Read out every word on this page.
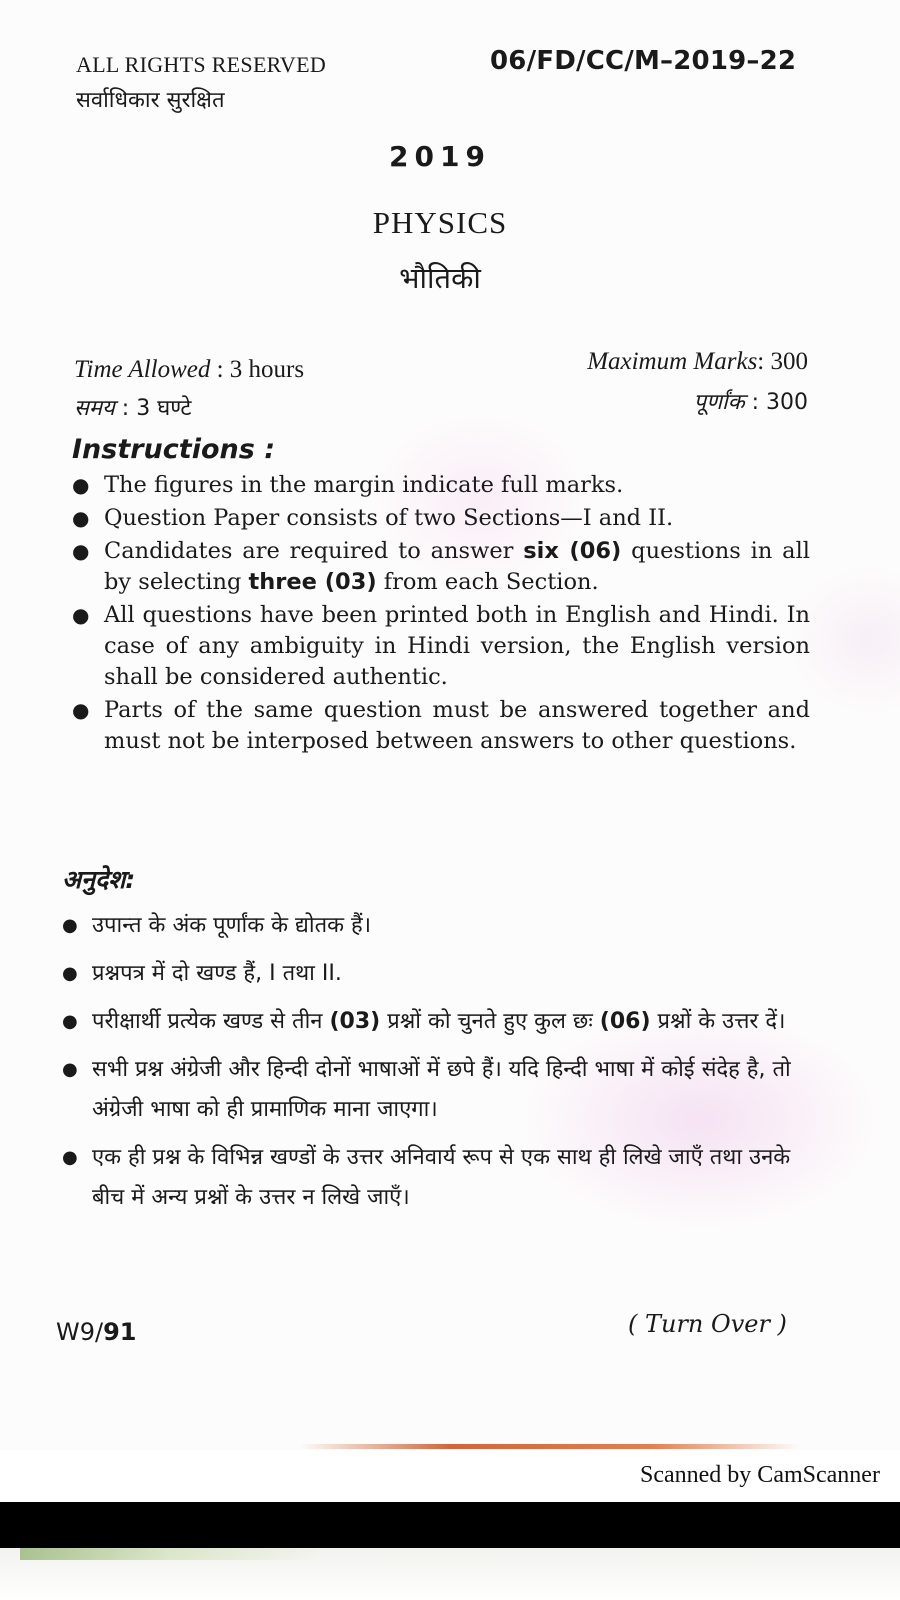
ALL RIGHTS RESERVED
सर्वाधिकार सुरक्षित
06/FD/CC/M–2019–22
2019
PHYSICS
भौतिकी
Time Allowed : 3 hours
समय : 3 घण्टे
Maximum Marks: 300
पूर्णांक : 300
Instructions :
● The figures in the margin indicate full marks.
● Question Paper consists of two Sections—I and II.
● Candidates are required to answer six (06) questions in all by selecting three (03) from each Section.
● All questions have been printed both in English and Hindi. In case of any ambiguity in Hindi version, the English version shall be considered authentic.
● Parts of the same question must be answered together and must not be interposed between answers to other questions.
अनुदेश:
● उपान्त के अंक पूर्णांक के द्योतक हैं।
● प्रश्नपत्र में दो खण्ड हैं, I तथा II.
● परीक्षार्थी प्रत्येक खण्ड से तीन (03) प्रश्नों को चुनते हुए कुल छः (06) प्रश्नों के उत्तर दें।
● सभी प्रश्न अंग्रेजी और हिन्दी दोनों भाषाओं में छपे हैं। यदि हिन्दी भाषा में कोई संदेह है, तो अंग्रेजी भाषा को ही प्रामाणिक माना जाएगा।
● एक ही प्रश्न के विभिन्न खण्डों के उत्तर अनिवार्य रूप से एक साथ ही लिखे जाएँ तथा उनके बीच में अन्य प्रश्नों के उत्तर न लिखे जाएँ।
W9/91	( Turn Over )
Scanned by CamScanner
